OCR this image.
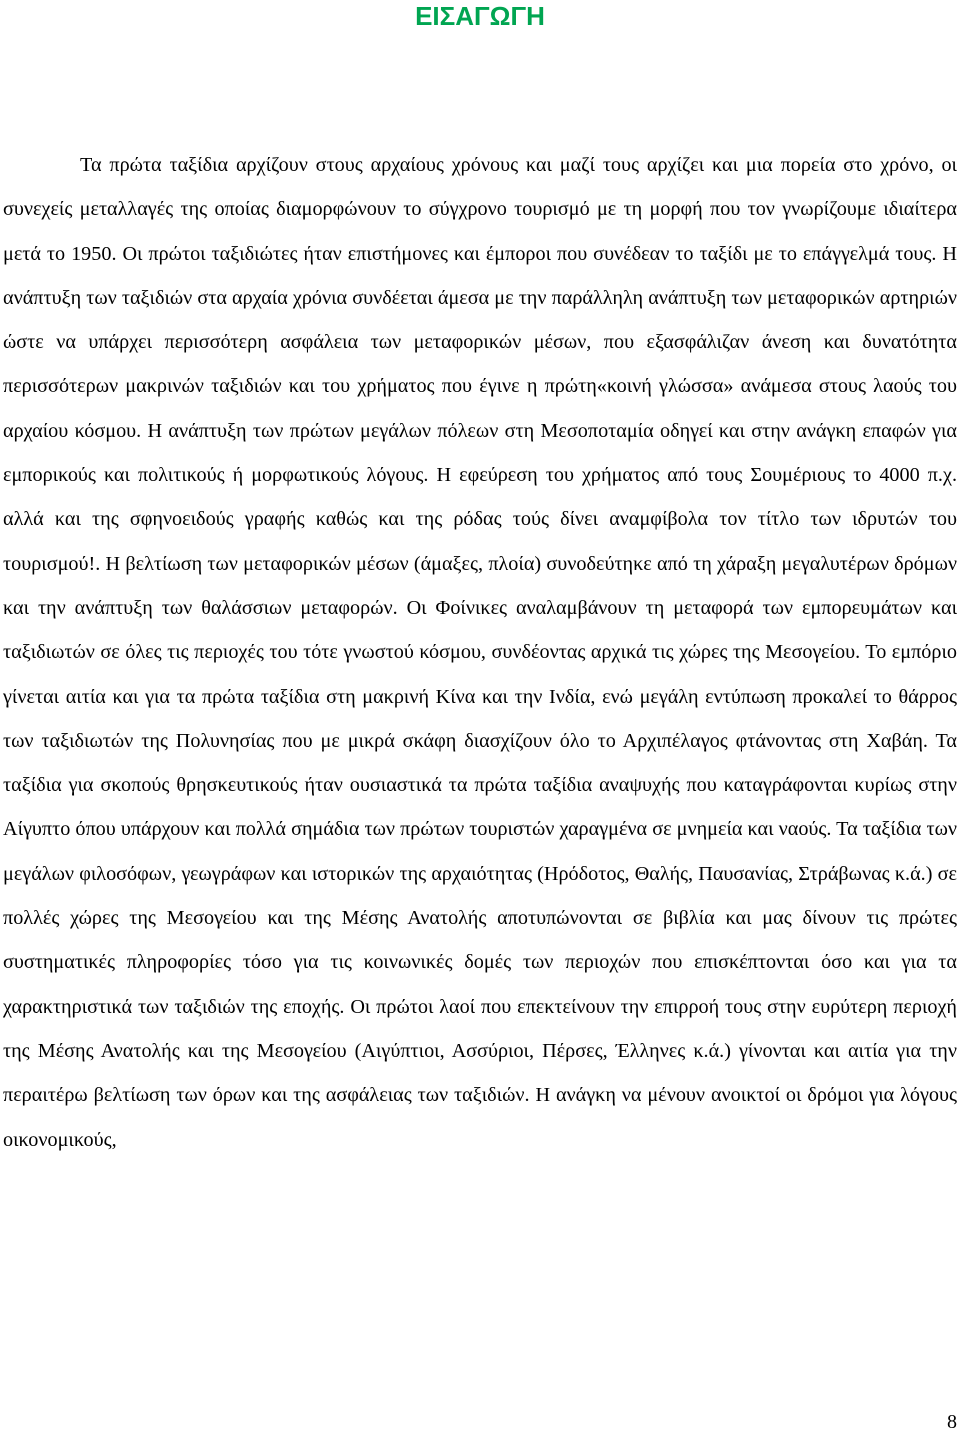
ΕΙΣΑΓΩΓΗ

Τα πρώτα ταξίδια αρχίζουν στους αρχαίους χρόνους και μαζί τους αρχίζει και μια πορεία στο χρόνο, οι συνεχείς μεταλλαγές της οποίας διαμορφώνουν το σύγχρονο τουρισμό με τη μορφή που τον γνωρίζουμε ιδιαίτερα μετά το 1950. Οι πρώτοι ταξιδιώτες ήταν επιστήμονες και έμποροι που συνέδεαν το ταξίδι με το επάγγελμά τους. Η ανάπτυξη των ταξιδιών στα αρχαία χρόνια συνδέεται άμεσα με την παράλληλη ανάπτυξη των μεταφορικών αρτηριών ώστε να υπάρχει περισσότερη ασφάλεια των μεταφορικών μέσων, που εξασφάλιζαν άνεση και δυνατότητα περισσότερων μακρινών ταξιδιών και του χρήματος που έγινε η πρώτη«κοινή γλώσσα» ανάμεσα στους λαούς του αρχαίου κόσμου. Η ανάπτυξη των πρώτων μεγάλων πόλεων στη Μεσοποταμία οδηγεί και στην ανάγκη επαφών για εμπορικούς και πολιτικούς ή μορφωτικούς λόγους. Η εφεύρεση του χρήματος από τους Σουμέριους το 4000 π.χ. αλλά και της σφηνοειδούς γραφής καθώς και της ρόδας τούς δίνει αναμφίβολα τον τίτλο των ιδρυτών του τουρισμού!. Η βελτίωση των μεταφορικών μέσων (άμαξες, πλοία) συνοδεύτηκε από τη χάραξη μεγαλυτέρων δρόμων και την ανάπτυξη των θαλάσσιων μεταφορών. Οι Φοίνικες αναλαμβάνουν τη μεταφορά των εμπορευμάτων και ταξιδιωτών σε όλες τις περιοχές του τότε γνωστού κόσμου, συνδέοντας αρχικά τις χώρες της Μεσογείου. Το εμπόριο γίνεται αιτία και για τα πρώτα ταξίδια στη μακρινή Κίνα και την Ινδία, ενώ μεγάλη εντύπωση προκαλεί το θάρρος των ταξιδιωτών της Πολυνησίας που με μικρά σκάφη διασχίζουν όλο το Αρχιπέλαγος φτάνοντας στη Χαβάη. Τα ταξίδια για σκοπούς θρησκευτικούς ήταν ουσιαστικά τα πρώτα ταξίδια αναψυχής που καταγράφονται κυρίως στην Αίγυπτο όπου υπάρχουν και πολλά σημάδια των πρώτων τουριστών χαραγμένα σε μνημεία και ναούς. Τα ταξίδια των μεγάλων φιλοσόφων, γεωγράφων και ιστορικών της αρχαιότητας (Ηρόδοτος, Θαλής, Παυσανίας, Στράβωνας κ.ά.) σε πολλές χώρες της Μεσογείου και της Μέσης Ανατολής αποτυπώνονται σε βιβλία και μας δίνουν τις πρώτες συστηματικές πληροφορίες τόσο για τις κοινωνικές δομές των περιοχών που επισκέπτονται όσο και για τα χαρακτηριστικά των ταξιδιών της εποχής. Οι πρώτοι λαοί που επεκτείνουν την επιρροή τους στην ευρύτερη περιοχή της Μέσης Ανατολής και της Μεσογείου (Αιγύπτιοι, Ασσύριοι, Πέρσες, Έλληνες κ.ά.) γίνονται και αιτία για την περαιτέρω βελτίωση των όρων και της ασφάλειας των ταξιδιών. Η ανάγκη να μένουν ανοικτοί οι δρόμοι για λόγους οικονομικούς,

8
